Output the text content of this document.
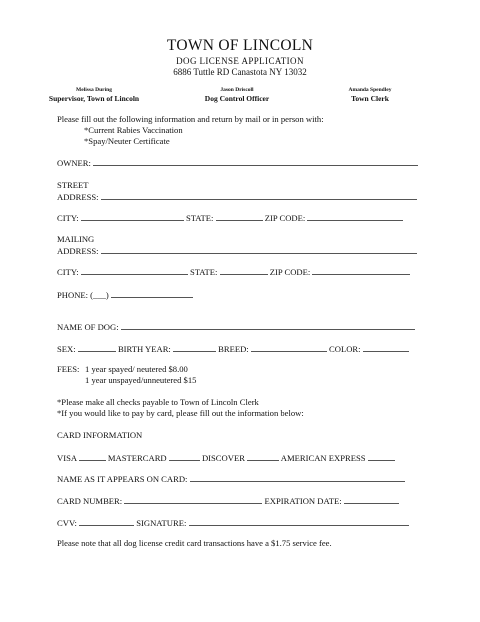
TOWN OF LINCOLN
DOG LICENSE APPLICATION
6886 Tuttle RD Canastota NY 13032
Melissa During
Supervisor, Town of Lincoln
Jason Driscoll
Dog Control Officer
Amanda Spendley
Town Clerk
Please fill out the following information and return by mail or in person with:
*Current Rabies Vaccination
*Spay/Neuter Certificate
OWNER:
STREET
ADDRESS:
CITY:	STATE:	ZIP CODE:
MAILING
ADDRESS:
CITY:	STATE:	ZIP CODE:
PHONE: (___)
NAME OF DOG:
SEX:	BIRTH YEAR:	BREED:	COLOR:
FEES: 1 year spayed/ neutered $8.00
1 year unspayed/unneutered $15
*Please make all checks payable to Town of Lincoln Clerk
*If you would like to pay by card, please fill out the information below:
CARD INFORMATION
VISA	MASTERCARD	DISCOVER	AMERICAN EXPRESS
NAME AS IT APPEARS ON CARD:
CARD NUMBER:	EXPIRATION DATE:
CVV:	SIGNATURE:
Please note that all dog license credit card transactions have a $1.75 service fee.
